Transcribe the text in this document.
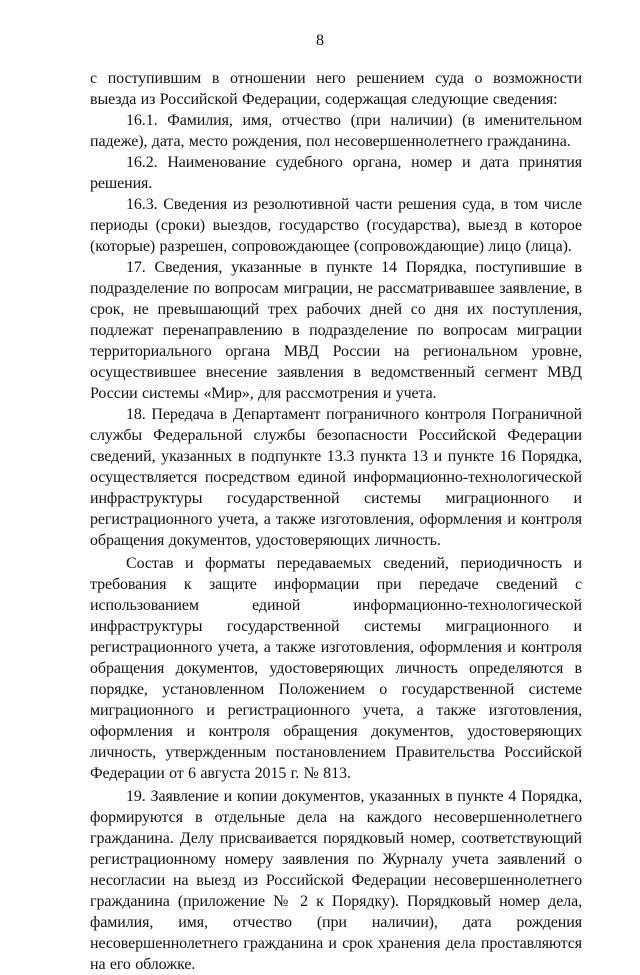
8

с поступившим в отношении него решением суда о возможности выезда из Российской Федерации, содержащая следующие сведения:

16.1. Фамилия, имя, отчество (при наличии) (в именительном падеже), дата, место рождения, пол несовершеннолетнего гражданина.

16.2. Наименование судебного органа, номер и дата принятия решения.

16.3. Сведения из резолютивной части решения суда, в том числе периоды (сроки) выездов, государство (государства), выезд в которое (которые) разрешен, сопровождающее (сопровождающие) лицо (лица).

17. Сведения, указанные в пункте 14 Порядка, поступившие в подразделение по вопросам миграции, не рассматривавшее заявление, в срок, не превышающий трех рабочих дней со дня их поступления, подлежат перенаправлению в подразделение по вопросам миграции территориального органа МВД России на региональном уровне, осуществившее внесение заявления в ведомственный сегмент МВД России системы «Мир», для рассмотрения и учета.

18. Передача в Департамент пограничного контроля Пограничной службы Федеральной службы безопасности Российской Федерации сведений, указанных в подпункте 13.3 пункта 13 и пункте 16 Порядка, осуществляется посредством единой информационно-технологической инфраструктуры государственной системы миграционного и регистрационного учета, а также изготовления, оформления и контроля обращения документов, удостоверяющих личность.

Состав и форматы передаваемых сведений, периодичность и требования к защите информации при передаче сведений с использованием единой информационно-технологической инфраструктуры государственной системы миграционного и регистрационного учета, а также изготовления, оформления и контроля обращения документов, удостоверяющих личность определяются в порядке, установленном Положением о государственной системе миграционного и регистрационного учета, а также изготовления, оформления и контроля обращения документов, удостоверяющих личность, утвержденным постановлением Правительства Российской Федерации от 6 августа 2015 г. № 813.

19. Заявление и копии документов, указанных в пункте 4 Порядка, формируются в отдельные дела на каждого несовершеннолетнего гражданина. Делу присваивается порядковый номер, соответствующий регистрационному номеру заявления по Журналу учета заявлений о несогласии на выезд из Российской Федерации несовершеннолетнего гражданина (приложение № 2 к Порядку). Порядковый номер дела, фамилия, имя, отчество (при наличии), дата рождения несовершеннолетнего гражданина и срок хранения дела проставляются на его обложке.
